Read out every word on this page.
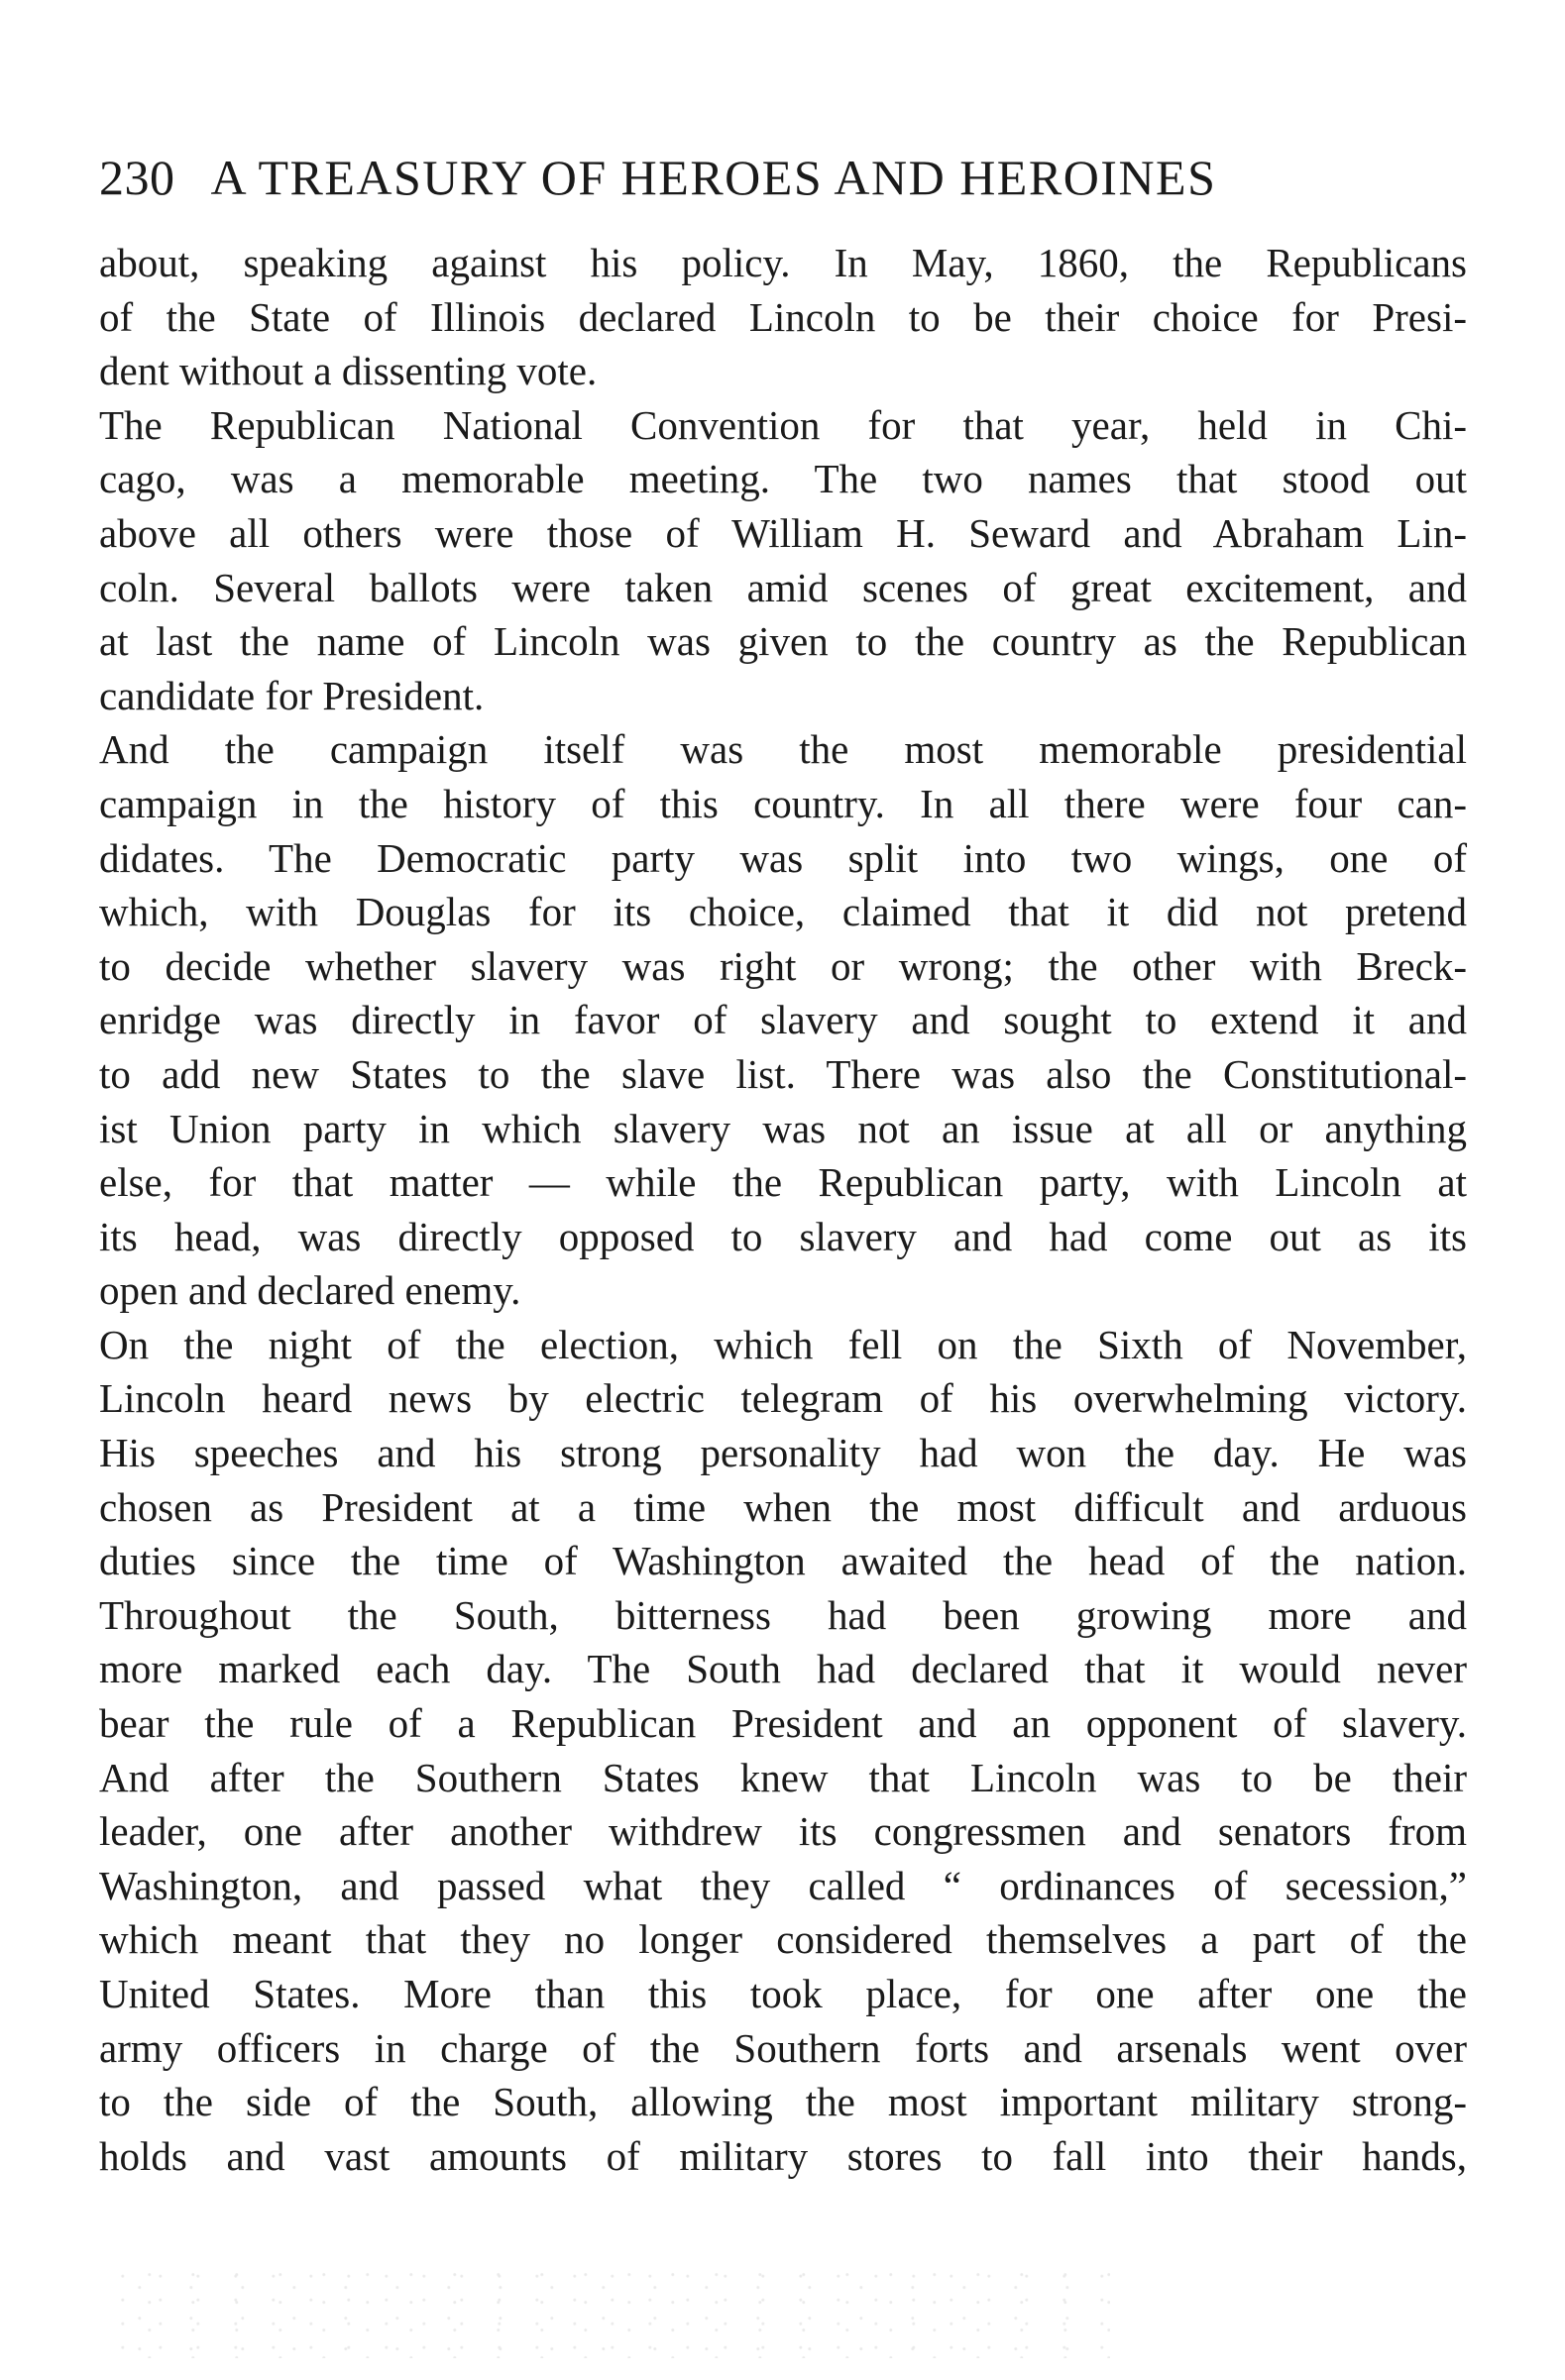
230 A TREASURY OF HEROES AND HEROINES
about, speaking against his policy. In May, 1860, the Republicans
of the State of Illinois declared Lincoln to be their choice for Presi-
dent without a dissenting vote.
The Republican National Convention for that year, held in Chi-
cago, was a memorable meeting. The two names that stood out
above all others were those of William H. Seward and Abraham Lin-
coln. Several ballots were taken amid scenes of great excitement, and
at last the name of Lincoln was given to the country as the Republican
candidate for President.
And the campaign itself was the most memorable presidential
campaign in the history of this country. In all there were four can-
didates. The Democratic party was split into two wings, one of
which, with Douglas for its choice, claimed that it did not pretend
to decide whether slavery was right or wrong; the other with Breck-
enridge was directly in favor of slavery and sought to extend it and
to add new States to the slave list. There was also the Constitutional-
ist Union party in which slavery was not an issue at all or anything
else, for that matter — while the Republican party, with Lincoln at
its head, was directly opposed to slavery and had come out as its
open and declared enemy.
On the night of the election, which fell on the Sixth of November,
Lincoln heard news by electric telegram of his overwhelming victory.
His speeches and his strong personality had won the day. He was
chosen as President at a time when the most difficult and arduous
duties since the time of Washington awaited the head of the nation.
Throughout the South, bitterness had been growing more and
more marked each day. The South had declared that it would never
bear the rule of a Republican President and an opponent of slavery.
And after the Southern States knew that Lincoln was to be their
leader, one after another withdrew its congressmen and senators from
Washington, and passed what they called “ ordinances of secession,”
which meant that they no longer considered themselves a part of the
United States. More than this took place, for one after one the
army officers in charge of the Southern forts and arsenals went over
to the side of the South, allowing the most important military strong-
holds and vast amounts of military stores to fall into their hands,
